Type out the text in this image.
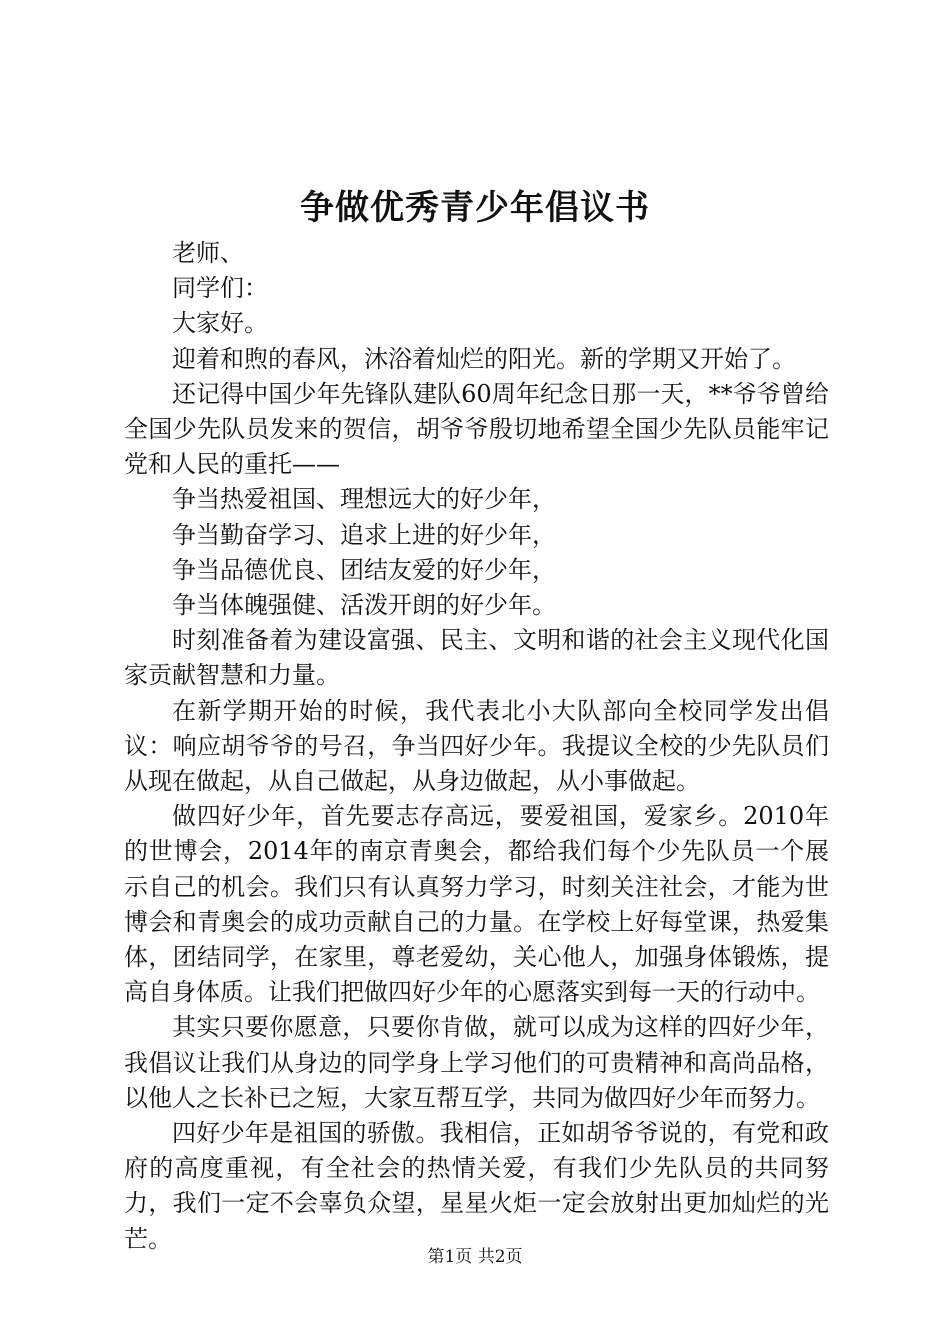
争做优秀青少年倡议书

老师、

同学们：

大家好。

迎着和煦的春风，沐浴着灿烂的阳光。新的学期又开始了。

还记得中国少年先锋队建队60周年纪念日那一天，**爷爷曾给全国少先队员发来的贺信，胡爷爷殷切地希望全国少先队员能牢记党和人民的重托——

争当热爱祖国、理想远大的好少年，

争当勤奋学习、追求上进的好少年，

争当品德优良、团结友爱的好少年，

争当体魄强健、活泼开朗的好少年。

时刻准备着为建设富强、民主、文明和谐的社会主义现代化国家贡献智慧和力量。

在新学期开始的时候，我代表北小大队部向全校同学发出倡议：响应胡爷爷的号召，争当四好少年。我提议全校的少先队员们从现在做起，从自己做起，从身边做起，从小事做起。

做四好少年，首先要志存高远，要爱祖国，爱家乡。2010年的世博会，2014年的南京青奥会，都给我们每个少先队员一个展示自己的机会。我们只有认真努力学习，时刻关注社会，才能为世博会和青奥会的成功贡献自己的力量。在学校上好每堂课，热爱集体，团结同学，在家里，尊老爱幼，关心他人，加强身体锻炼，提高自身体质。让我们把做四好少年的心愿落实到每一天的行动中。

其实只要你愿意，只要你肯做，就可以成为这样的四好少年，我倡议让我们从身边的同学身上学习他们的可贵精神和高尚品格，以他人之长补已之短，大家互帮互学，共同为做四好少年而努力。

四好少年是祖国的骄傲。我相信，正如胡爷爷说的，有党和政府的高度重视，有全社会的热情关爱，有我们少先队员的共同努力，我们一定不会辜负众望，星星火炬一定会放射出更加灿烂的光芒。

第1页 共2页
